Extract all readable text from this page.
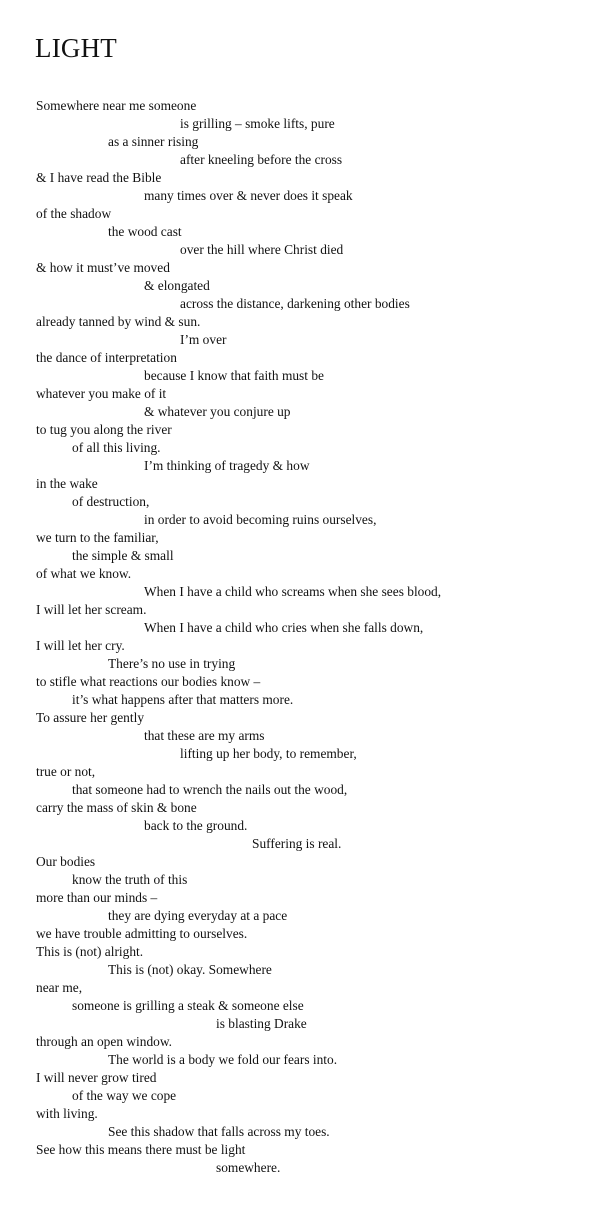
LIGHT
Somewhere near me someone
is grilling – smoke lifts, pure
as a sinner rising
after kneeling before the cross
& I have read the Bible
many times over & never does it speak
of the shadow
the wood cast
over the hill where Christ died
& how it must’ve moved
& elongated
across the distance, darkening other bodies
already tanned by wind & sun.
I’m over
the dance of interpretation
because I know that faith must be
whatever you make of it
& whatever you conjure up
to tug you along the river
of all this living.
I’m thinking of tragedy & how
in the wake
of destruction,
in order to avoid becoming ruins ourselves,
we turn to the familiar,
the simple & small
of what we know.
When I have a child who screams when she sees blood,
I will let her scream.
When I have a child who cries when she falls down,
I will let her cry.
There’s no use in trying
to stifle what reactions our bodies know –
it’s what happens after that matters more.
To assure her gently
that these are my arms
lifting up her body, to remember,
true or not,
that someone had to wrench the nails out the wood,
carry the mass of skin & bone
back to the ground.
Suffering is real.
Our bodies
know the truth of this
more than our minds –
they are dying everyday at a pace
we have trouble admitting to ourselves.
This is (not) alright.
This is (not) okay. Somewhere
near me,
someone is grilling a steak & someone else
is blasting Drake
through an open window.
The world is a body we fold our fears into.
I will never grow tired
of the way we cope
with living.
See this shadow that falls across my toes.
See how this means there must be light
somewhere.
